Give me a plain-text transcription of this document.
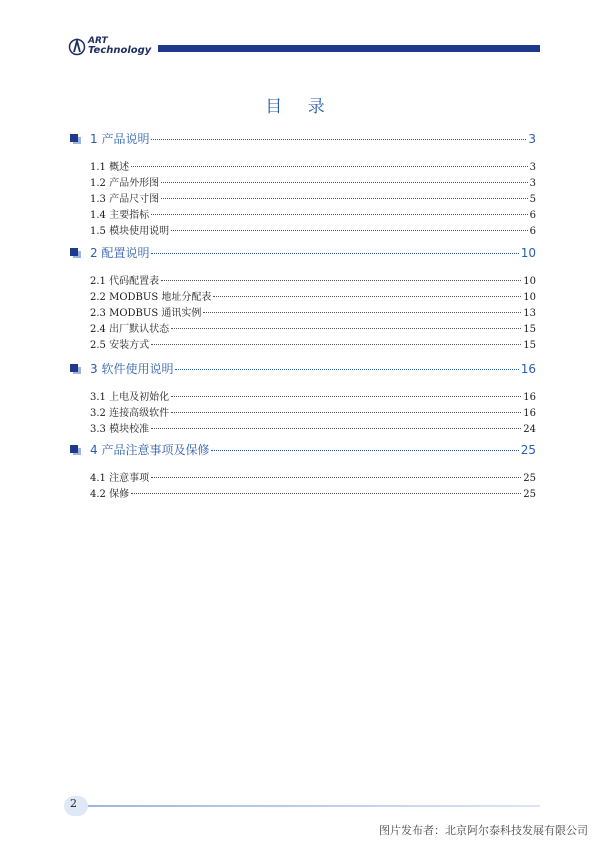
ART
Technology
目 录
1 产品说明	3
1.1 概述	3
1.2 产品外形图	3
1.3 产品尺寸图	5
1.4 主要指标	6
1.5 模块使用说明	6
2 配置说明	10
2.1 代码配置表	10
2.2 MODBUS 地址分配表	10
2.3 MODBUS 通讯实例	13
2.4 出厂默认状态	15
2.5 安装方式	15
3 软件使用说明	16
3.1 上电及初始化	16
3.2 连接高级软件	16
3.3 模块校准	24
4 产品注意事项及保修	25
4.1 注意事项	25
4.2 保修	25
2
图片发布者：北京阿尔泰科技发展有限公司
